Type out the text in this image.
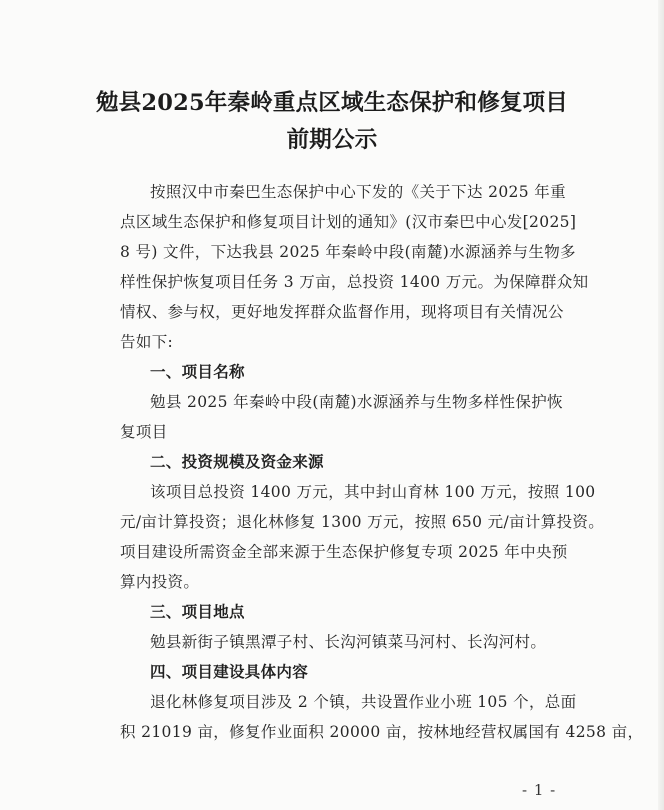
勉县2025年秦岭重点区域生态保护和修复项目
前期公示
按照汉中市秦巴生态保护中心下发的《关于下达 2025 年重
点区域生态保护和修复项目计划的通知》(汉市秦巴中心发[2025]
8 号) 文件，下达我县 2025 年秦岭中段(南麓)水源涵养与生物多
样性保护恢复项目任务 3 万亩，总投资 1400 万元。为保障群众知
情权、参与权，更好地发挥群众监督作用，现将项目有关情况公
告如下:
一、项目名称
勉县 2025 年秦岭中段(南麓)水源涵养与生物多样性保护恢
复项目
二、投资规模及资金来源
该项目总投资 1400 万元，其中封山育林 100 万元，按照 100
元/亩计算投资；退化林修复 1300 万元，按照 650 元/亩计算投资。
项目建设所需资金全部来源于生态保护修复专项 2025 年中央预
算内投资。
三、项目地点
勉县新街子镇黑潭子村、长沟河镇菜马河村、长沟河村。
四、项目建设具体内容
退化林修复项目涉及 2 个镇，共设置作业小班 105 个，总面
积 21019 亩，修复作业面积 20000 亩，按林地经营权属国有 4258 亩，
- 1 -
